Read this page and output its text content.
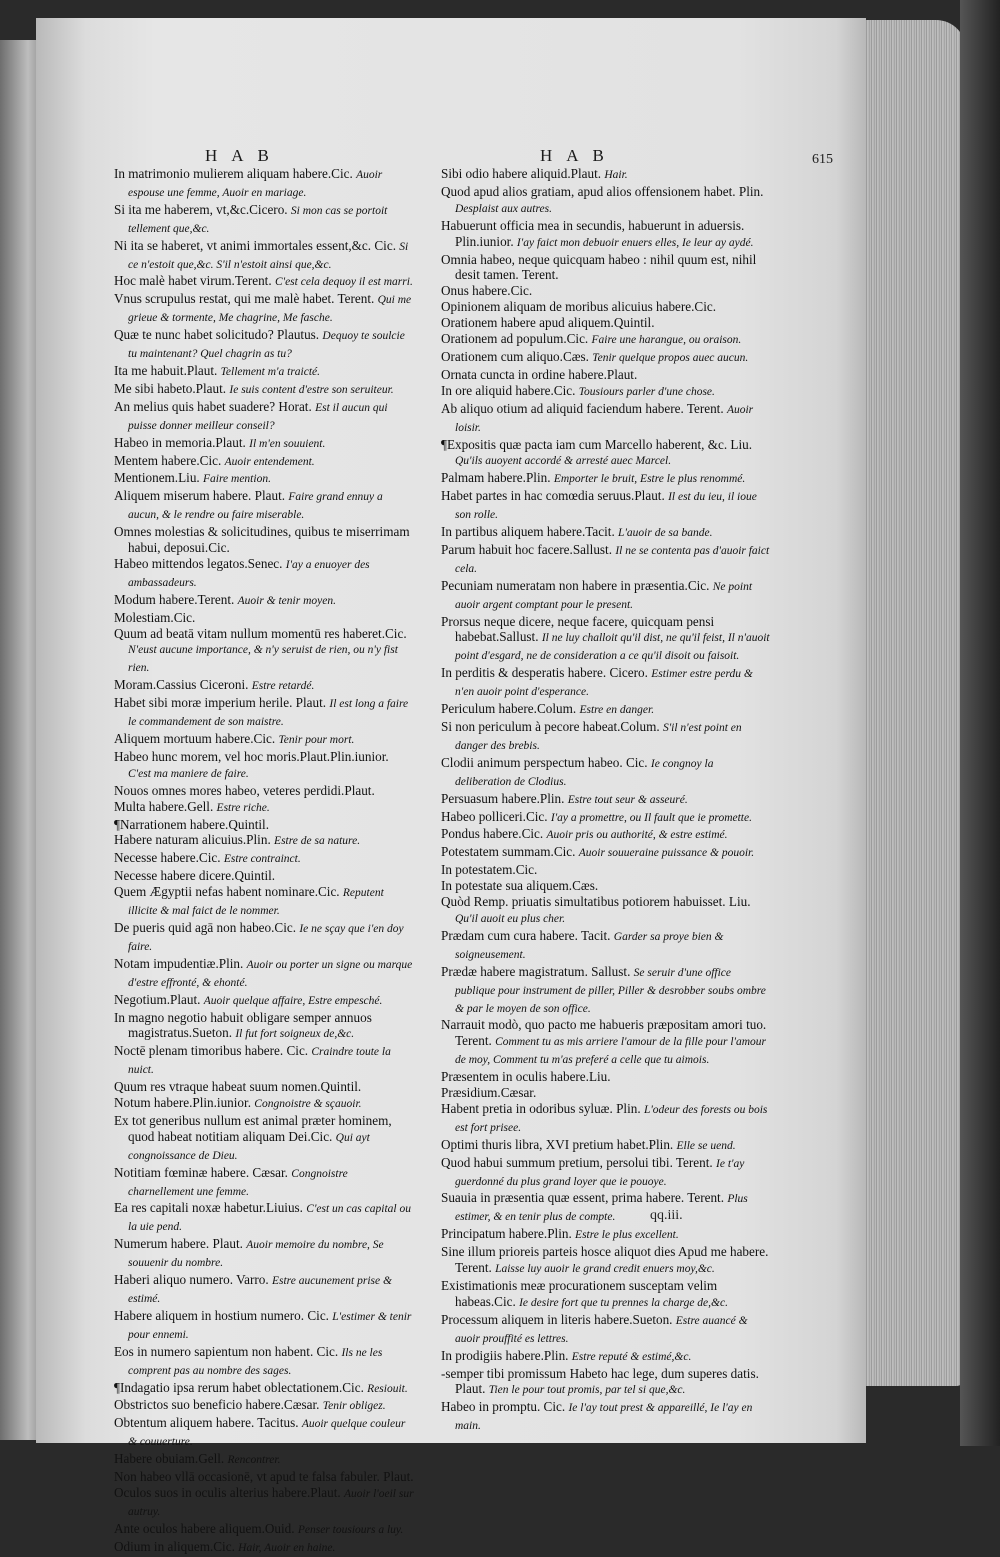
HAB	HAB	615

In matrimonio mulierem aliquam habere.Cic. Auoir espouse une femme, Auoir en mariage.

Si ita me haberem, vt,&c.Cicero. Si mon cas se portoit tellement que,&c.

Ni ita se haberet, vt animi immortales essent,&c. Cic. Si ce n'estoit que,&c. S'il n'estoit ainsi que,&c.

Hoc malè habet virum.Terent. C'est cela dequoy il est marri.

Vnus scrupulus restat, qui me malè habet. Terent. Qui me grieue & tormente, Me chagrine, Me fasche.

Quæ te nunc habet solicitudo? Plautus. Dequoy te soulcie tu maintenant? Quel chagrin as tu?

Ita me habuit.Plaut. Tellement m'a traicté.

Me sibi habeto.Plaut. Ie suis content d'estre son seruiteur.

An melius quis habet suadere? Horat. Est il aucun qui puisse donner meilleur conseil?

Habeo in memoria.Plaut. Il m'en souuient.

Mentem habere.Cic. Auoir entendement.

Mentionem.Liu. Faire mention.

Aliquem miserum habere. Plaut. Faire grand ennuy a aucun, & le rendre ou faire miserable.

Omnes molestias & solicitudines, quibus te miserrimam habui, deposui.Cic.

Habeo mittendos legatos.Senec. I'ay a enuoyer des ambassadeurs.

Modum habere.Terent. Auoir & tenir moyen.

Molestiam.Cic.

Quum ad beatā vitam nullum momentū res haberet.Cic. N'eust aucune importance, & n'y seruist de rien, ou n'y fist rien.

Moram.Cassius Ciceroni. Estre retardé.

Habet sibi moræ imperium herile. Plaut. Il est long a faire le commandement de son maistre.

Aliquem mortuum habere.Cic. Tenir pour mort.

Habeo hunc morem, vel hoc moris.Plaut.Plin.iunior. C'est ma maniere de faire.

Nouos omnes mores habeo, veteres perdidi.Plaut.

Multa habere.Gell. Estre riche.

¶Narrationem habere.Quintil.

Habere naturam alicuius.Plin. Estre de sa nature.

Necesse habere.Cic. Estre contrainct.

Necesse habere dicere.Quintil.

Quem Ægyptii nefas habent nominare.Cic. Reputent illicite & mal faict de le nommer.

De pueris quid agā non habeo.Cic. Ie ne sçay que i'en doy faire.

Notam impudentiæ.Plin. Auoir ou porter un signe ou marque d'estre effronté, & ehonté.

Negotium.Plaut. Auoir quelque affaire, Estre empesché.

In magno negotio habuit obligare semper annuos magistratus.Sueton. Il fut fort soigneux de,&c.

Noctē plenam timoribus habere. Cic. Craindre toute la nuict.

Quum res vtraque habeat suum nomen.Quintil.

Notum habere.Plin.iunior. Congnoistre & sçauoir.

Ex tot generibus nullum est animal præter hominem, quod habeat notitiam aliquam Dei.Cic. Qui ayt congnoissance de Dieu.

Notitiam fœminæ habere. Cæsar. Congnoistre charnellement une femme.

Ea res capitali noxæ habetur.Liuius. C'est un cas capital ou la uie pend.

Numerum habere. Plaut. Auoir memoire du nombre, Se souuenir du nombre.

Haberi aliquo numero. Varro. Estre aucunement prise & estimé.

Habere aliquem in hostium numero. Cic. L'estimer & tenir pour ennemi.

Eos in numero sapientum non habent. Cic. Ils ne les comprent pas au nombre des sages.

¶Indagatio ipsa rerum habet oblectationem.Cic. Resiouit.

Obstrictos suo beneficio habere.Cæsar. Tenir obligez.

Obtentum aliquem habere. Tacitus. Auoir quelque couleur & couuerture.

Habere obuiam.Gell. Rencontrer.

Non habeo vllā occasionē, vt apud te falsa fabuler. Plaut.

Oculos suos in oculis alterius habere.Plaut. Auoir l'oeil sur autruy.

Ante oculos habere aliquem.Ouid. Penser tousiours a luy.

Odium in aliquem.Cic. Hair, Auoir en haine.

Sibi odio habere aliquid.Plaut. Hair.

Quod apud alios gratiam, apud alios offensionem habet. Plin. Desplaist aux autres.

Habuerunt officia mea in secundis, habuerunt in aduersis. Plin.iunior. I'ay faict mon debuoir enuers elles, Ie leur ay aydé.

Omnia habeo, neque quicquam habeo : nihil quum est, nihil desit tamen. Terent.

Onus habere.Cic.

Opinionem aliquam de moribus alicuius habere.Cic.

Orationem habere apud aliquem.Quintil.

Orationem ad populum.Cic. Faire une harangue, ou oraison.

Orationem cum aliquo.Cæs. Tenir quelque propos auec aucun.

Ornata cuncta in ordine habere.Plaut.

In ore aliquid habere.Cic. Tousiours parler d'une chose.

Ab aliquo otium ad aliquid faciendum habere. Terent. Auoir loisir.

¶Expositis quæ pacta iam cum Marcello haberent, &c. Liu. Qu'ils auoyent accordé & arresté auec Marcel.

Palmam habere.Plin. Emporter le bruit, Estre le plus renommé.

Habet partes in hac comœdia seruus.Plaut. Il est du ieu, il ioue son rolle.

In partibus aliquem habere.Tacit. L'auoir de sa bande.

Parum habuit hoc facere.Sallust. Il ne se contenta pas d'auoir faict cela.

Pecuniam numeratam non habere in præsentia.Cic. Ne point auoir argent comptant pour le present.

Prorsus neque dicere, neque facere, quicquam pensi habebat.Sallust. Il ne luy challoit qu'il dist, ne qu'il feist, Il n'auoit point d'esgard, ne de consideration a ce qu'il disoit ou faisoit.

In perditis & desperatis habere. Cicero. Estimer estre perdu & n'en auoir point d'esperance.

Periculum habere.Colum. Estre en danger.

Si non periculum à pecore habeat.Colum. S'il n'est point en danger des brebis.

Clodii animum perspectum habeo. Cic. Ie congnoy la deliberation de Clodius.

Persuasum habere.Plin. Estre tout seur & asseuré.

Habeo polliceri.Cic. I'ay a promettre, ou Il fault que ie promette.

Pondus habere.Cic. Auoir pris ou authorité, & estre estimé.

Potestatem summam.Cic. Auoir souueraine puissance & pouoir.

In potestatem.Cic.

In potestate sua aliquem.Cæs.

Quòd Remp. priuatis simultatibus potiorem habuisset. Liu. Qu'il auoit eu plus cher.

Prædam cum cura habere. Tacit. Garder sa proye bien & soigneusement.

Prædæ habere magistratum. Sallust. Se seruir d'une office publique pour instrument de piller, Piller & desrobber soubs ombre & par le moyen de son office.

Narrauit modò, quo pacto me habueris præpositam amori tuo. Terent. Comment tu as mis arriere l'amour de la fille pour l'amour de moy, Comment tu m'as preferé a celle que tu aimois.

Præsentem in oculis habere.Liu.

Præsidium.Cæsar.

Habent pretia in odoribus syluæ. Plin. L'odeur des forests ou bois est fort prisee.

Optimi thuris libra, XVI pretium habet.Plin. Elle se uend.

Quod habui summum pretium, persolui tibi. Terent. Ie t'ay guerdonné du plus grand loyer que ie pouoye.

Suauia in præsentia quæ essent, prima habere. Terent. Plus estimer, & en tenir plus de compte.

Principatum habere.Plin. Estre le plus excellent.

Sine illum prioreis parteis hosce aliquot dies Apud me habere. Terent. Laisse luy auoir le grand credit enuers moy,&c.

Existimationis meæ procurationem susceptam velim habeas.Cic. Ie desire fort que tu prennes la charge de,&c.

Processum aliquem in literis habere.Sueton. Estre auancé & auoir prouffité es lettres.

In prodigiis habere.Plin. Estre reputé & estimé,&c.

-semper tibi promissum Habeto hac lege, dum superes datis. Plaut. Tien le pour tout promis, par tel si que,&c.

Habeo in promptu. Cic. Ie l'ay tout prest & appareillé, Ie l'ay en main.

qq.iii.
